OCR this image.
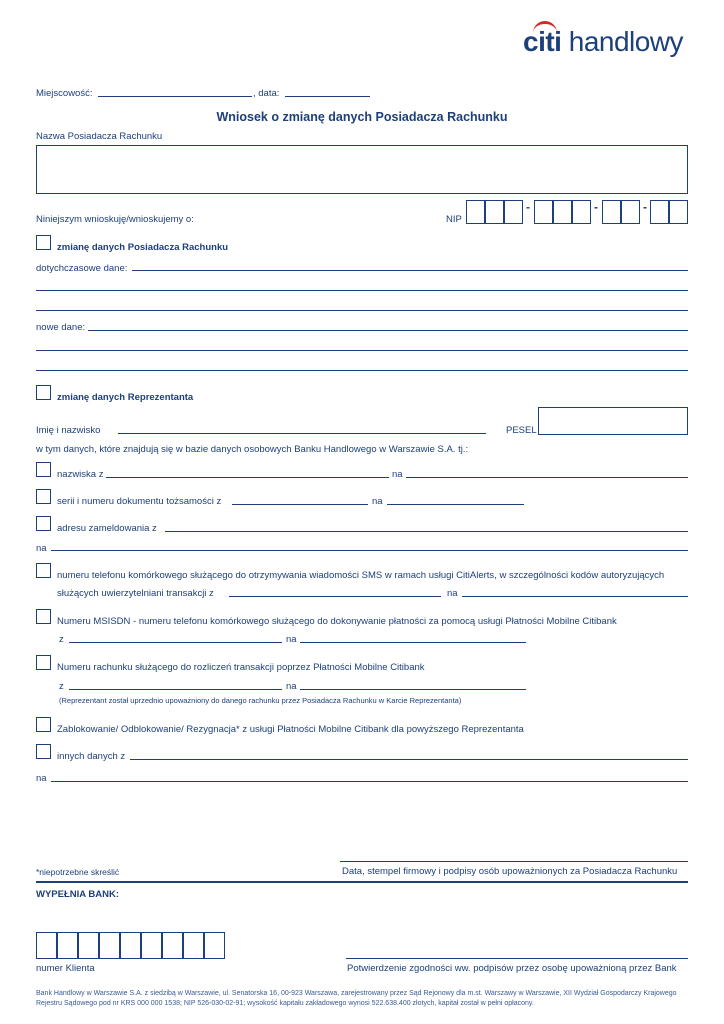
citi handlowy
Miejscowość:	, data:
Wniosek o zmianę danych Posiadacza Rachunku
Nazwa Posiadacza Rachunku
Niniejszym wnioskuję/wnioskujemy o:	NIP
-	-	-
zmianę danych Posiadacza Rachunku
dotychczasowe dane:
nowe dane:
zmianę danych Reprezentanta
Imię i nazwisko	PESEL
w tym danych, które znajdują się w bazie danych osobowych Banku Handlowego w Warszawie S.A. tj.:
nazwiska z	na
serii i numeru dokumentu tożsamości z	na
adresu zameldowania z
na
numeru telefonu komórkowego służącego do otrzymywania wiadomości SMS w ramach usługi CitiAlerts, w szczególności kodów autoryzujących
służących uwierzytelniani transakcji z	na
Numeru MSISDN - numeru telefonu komórkowego służącego do dokonywanie płatności za pomocą usługi Płatności Mobilne Citibank
z	na
Numeru rachunku służącego do rozliczeń transakcji poprzez Płatności Mobilne Citibank
z	na
(Reprezentant został uprzednio upoważniony do danego rachunku przez Posiadacza Rachunku w Karcie Reprezentanta)
Zablokowanie/ Odblokowanie/ Rezygnacja* z usługi Płatności Mobilne Citibank dla powyższego Reprezentanta
innych danych z
na
*niepotrzebne skreślić	Data, stempel firmowy i podpisy osób upoważnionych za Posiadacza Rachunku
WYPEŁNIA BANK:
numer Klienta	Potwierdzenie zgodności ww. podpisów przez osobę upoważnioną przez Bank
Bank Handlowy w Warszawie S.A. z siedzibą w Warszawie, ul. Senatorska 16, 00-923 Warszawa, zarejestrowany przez Sąd Rejonowy dla m.st. Warszawy w Warszawie, XII Wydział Gospodarczy Krajowego Rejestru Sądowego pod nr KRS 000 000 1538; NIP 526-030-02-91; wysokość kapitału zakładowego wynosi 522.638.400 złotych, kapitał został w pełni opłacony.
